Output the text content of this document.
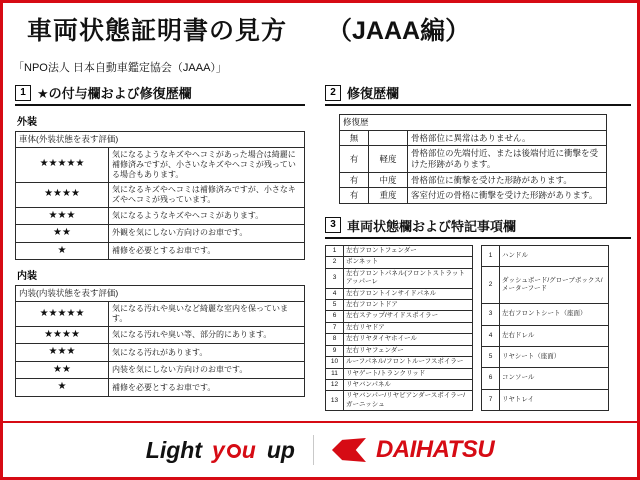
車両状態証明書の見方 （JAAA編）
「NPO法人 日本自動車鑑定協会（JAAA）」
1 ★の付与欄および修復歴欄
外装
車体(外装状態を表す評価)	
★★★★★	気になるようなキズやヘコミがあった場合は綺麗に補修済みですが、小さいなキズやヘコミが残っている場合もあります。
★★★★	気になるキズやヘコミは補修済みですが、小さなキズやヘコミが残っています。
★★★	気になるようなキズやヘコミがあります。
★★	外観を気にしない方向けのお車です。
★	補修を必要とするお車です。
内装
内装(内装状態を表す評価)	
★★★★★	気になる汚れや臭いなど綺麗な室内を保っています。
★★★★	気になる汚れや臭い等、部分的にあります。
★★★	気になる汚れがあります。
★★	内装を気にしない方向けのお車です。
★	補修を必要とするお車です。
2 修復歴欄
修復歴		
無		骨格部位に異常はありません。
有	軽度	骨格部位の先端付近、または後端付近に衝撃を受けた形跡があります。
有	中度	骨格部位に衝撃を受けた形跡があります。
有	重度	客室付近の骨格に衝撃を受けた形跡があります。
3 車両状態欄および特記事項欄
1	左右フロントフェンダー
2	ボンネット
3	左右フロントパネル(フロントストラットアッパーレ
4	左右フロントインサイドパネル
5	左右フロントドア
6	左右ステップ/サイドスポイラー
7	左右リヤドア
8	左右リヤタイヤホイール
9	左右リヤフェンダー
10	ルーフパネル/フロントルーフスポイラー
11	リヤゲート/トランクリッド
12	リヤバンパネル
13	リヤバンパー/リヤビアンダースポイラー/ガーニッシュ
1	ハンドル
2	ダッシュボード/グローブボックス/メーターフード
3	左右フロントシート（座面）
4	左右ドレル
5	リヤシート（座面）
6	コンソール
7	リヤトレイ
Light y u up	DAIHATSU
